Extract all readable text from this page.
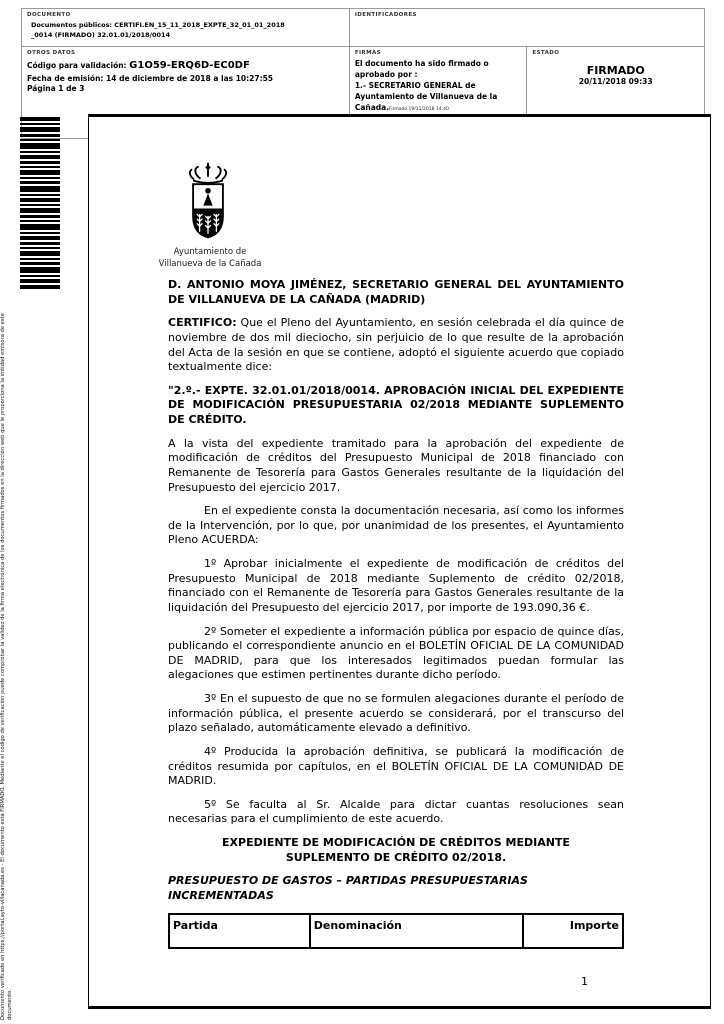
DOCUMENTO
Documentos públicos: CERTIFI.EN_15_11_2018_EXPTE_32_01_01_2018
_0014 (FIRMADO) 32.01.01/2018/0014	IDENTIFICADORES	

OTROS DATOS
Código para validación: G1O59-ERQ6D-EC0DF
Fecha de emisión: 14 de diciembre de 2018 a las 10:27:55
Página 1 de 3

FIRMAS
El documento ha sido firmado o aprobado por :
1.- SECRETARIO GENERAL de Ayuntamiento de Villanueva de la Cañada.Firmado 19/11/2018 14:40

ESTADO
FIRMADO
20/11/2018 09:33
Documento verificado en https://portal.ayto-villacanada.es - El documento está FIRMADO. Mediante el código de verificación puede comprobar la validez de la firma electrónica de los documentos firmados en la dirección web que le proporciona la entidad emisora de este documento.
Ayuntamiento de
Villanueva de la Cañada

D. ANTONIO MOYA JIMÉNEZ, SECRETARIO GENERAL DEL AYUNTAMIENTO DE VILLANUEVA DE LA CAÑADA (MADRID)

CERTIFICO: Que el Pleno del Ayuntamiento, en sesión celebrada el día quince de noviembre de dos mil dieciocho, sin perjuicio de lo que resulte de la aprobación del Acta de la sesión en que se contiene, adoptó el siguiente acuerdo que copiado textualmente dice:

"2.º.- EXPTE. 32.01.01/2018/0014. APROBACIÓN INICIAL DEL EXPEDIENTE DE MODIFICACIÓN PRESUPUESTARIA 02/2018 MEDIANTE SUPLEMENTO DE CRÉDITO.

A la vista del expediente tramitado para la aprobación del expediente de modificación de créditos del Presupuesto Municipal de 2018 financiado con Remanente de Tesorería para Gastos Generales resultante de la liquidación del Presupuesto del ejercicio 2017.

En el expediente consta la documentación necesaria, así como los informes de la Intervención, por lo que, por unanimidad de los presentes, el Ayuntamiento Pleno ACUERDA:

1º Aprobar inicialmente el expediente de modificación de créditos del Presupuesto Municipal de 2018 mediante Suplemento de crédito 02/2018, financiado con el Remanente de Tesorería para Gastos Generales resultante de la liquidación del Presupuesto del ejercicio 2017, por importe de 193.090,36 €.

2º Someter el expediente a información pública por espacio de quince días, publicando el correspondiente anuncio en el BOLETÍN OFICIAL DE LA COMUNIDAD DE MADRID, para que los interesados legitimados puedan formular las alegaciones que estimen pertinentes durante dicho período.

3º En el supuesto de que no se formulen alegaciones durante el período de información pública, el presente acuerdo se considerará, por el transcurso del plazo señalado, automáticamente elevado a definitivo.

4º Producida la aprobación definitiva, se publicará la modificación de créditos resumida por capítulos, en el BOLETÍN OFICIAL DE LA COMUNIDAD DE MADRID.

5º Se faculta al Sr. Alcalde para dictar cuantas resoluciones sean necesarias para el cumplimiento de este acuerdo.

EXPEDIENTE DE MODIFICACIÓN DE CRÉDITOS MEDIANTE

SUPLEMENTO DE CRÉDITO 02/2018.

PRESUPUESTO DE GASTOS – PARTIDAS PRESUPUESTARIAS INCREMENTADAS

Partida	Denominación	Importe
1
